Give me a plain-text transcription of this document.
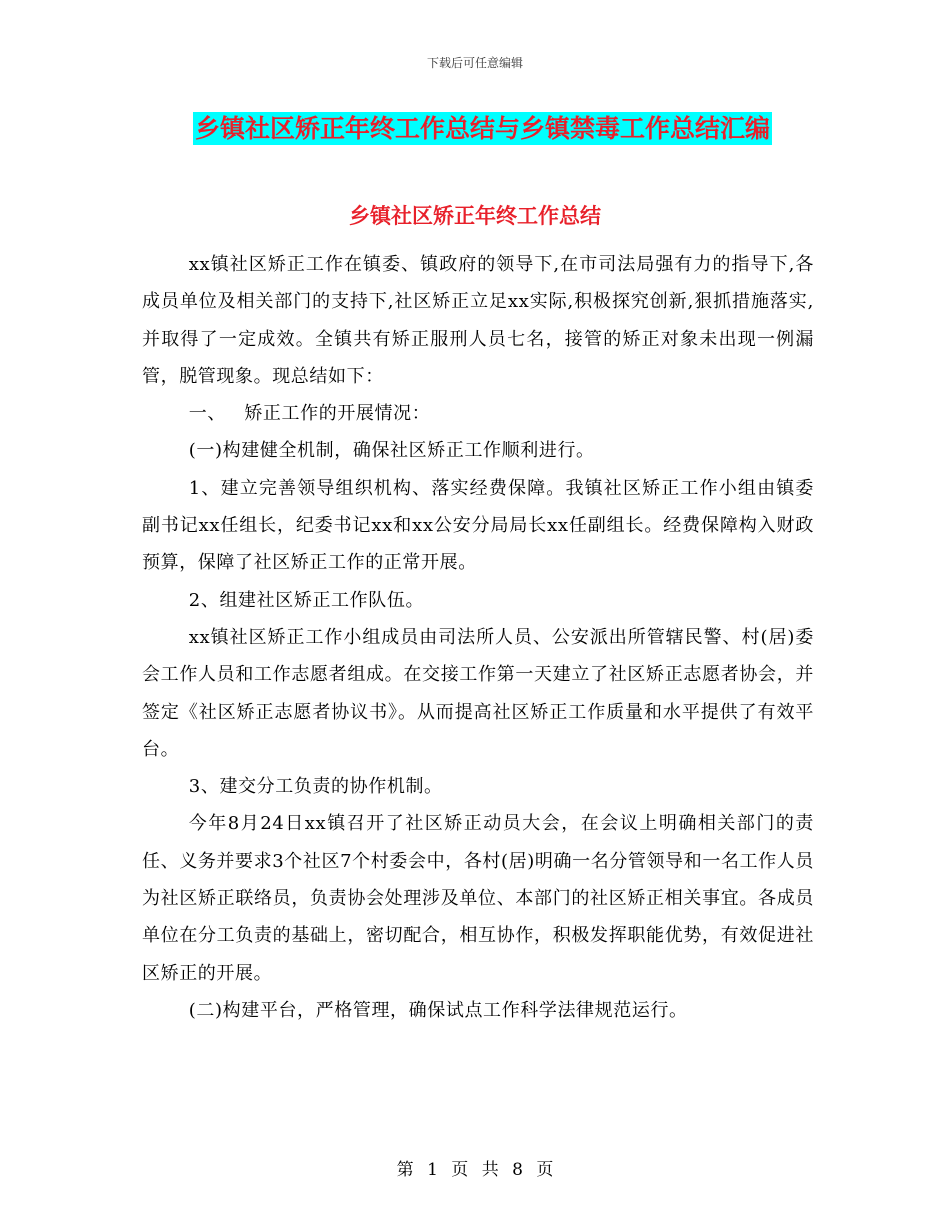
下载后可任意编辑
乡镇社区矫正年终工作总结与乡镇禁毒工作总结汇编
乡镇社区矫正年终工作总结

xx镇社区矫正工作在镇委、镇政府的领导下,在市司法局强有力的指导下,各成员单位及相关部门的支持下,社区矫正立足xx实际,积极探究创新,狠抓措施落实,并取得了一定成效。全镇共有矫正服刑人员七名，接管的矫正对象未出现一例漏管，脱管现象。现总结如下：

一、 矫正工作的开展情况：

(一)构建健全机制，确保社区矫正工作顺利进行。

1、建立完善领导组织机构、落实经费保障。我镇社区矫正工作小组由镇委副书记xx任组长，纪委书记xx和xx公安分局局长xx任副组长。经费保障构入财政预算，保障了社区矫正工作的正常开展。

2、组建社区矫正工作队伍。

xx镇社区矫正工作小组成员由司法所人员、公安派出所管辖民警、村(居)委会工作人员和工作志愿者组成。在交接工作第一天建立了社区矫正志愿者协会，并签定《社区矫正志愿者协议书》。从而提高社区矫正工作质量和水平提供了有效平台。

3、建交分工负责的协作机制。

今年8月24日xx镇召开了社区矫正动员大会，在会议上明确相关部门的责任、义务并要求3个社区7个村委会中，各村(居)明确一名分管领导和一名工作人员为社区矫正联络员，负责协会处理涉及单位、本部门的社区矫正相关事宜。各成员单位在分工负责的基础上，密切配合，相互协作，积极发挥职能优势，有效促进社区矫正的开展。

(二)构建平台，严格管理，确保试点工作科学法律规范运行。

第 1 页 共 8 页
